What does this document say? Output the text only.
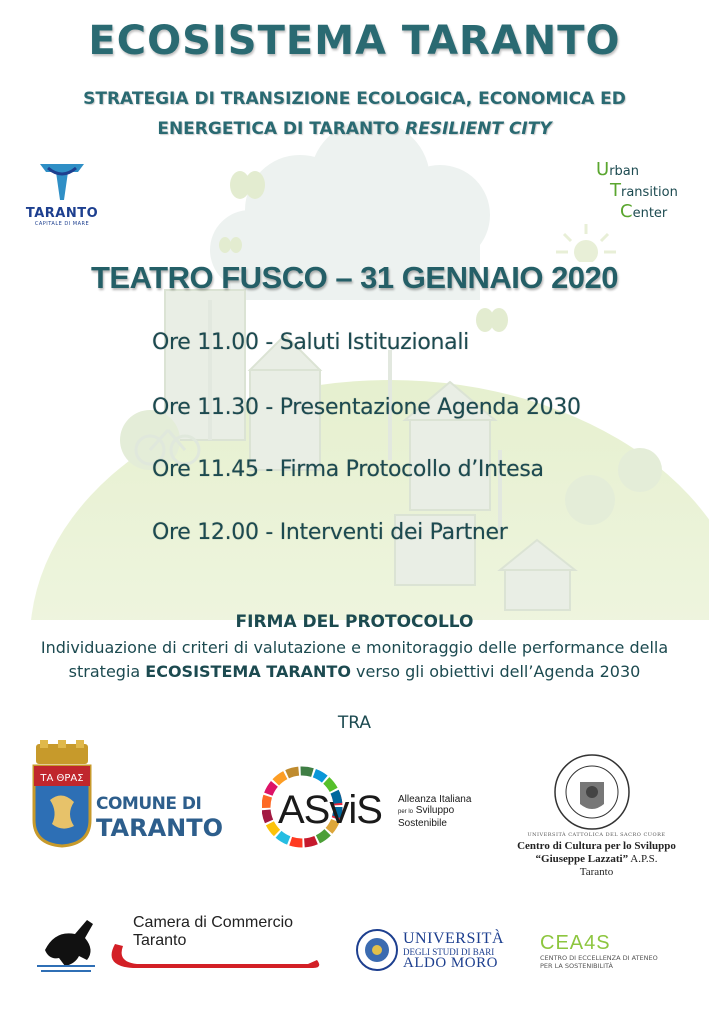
ECOSISTEMA TARANTO
STRATEGIA DI TRANSIZIONE ECOLOGICA, ECONOMICA ED
ENERGETICA DI TARANTO RESILIENT CITY
TARANTO
CAPITALE DI MARE
Urban
Transition
Center
TEATRO FUSCO – 31 GENNAIO 2020
Ore 11.00 - Saluti Istituzionali
Ore 11.30 - Presentazione Agenda 2030
Ore 11.45 - Firma Protocollo d’Intesa
Ore 12.00 - Interventi dei Partner
FIRMA DEL PROTOCOLLO
Individuazione di criteri di valutazione e monitoraggio delle performance della strategia ECOSISTEMA TARANTO verso gli obiettivi dell’Agenda 2030
TRA
ΤΑ ΘΡΑΣ
COMUNE DI
TARANTO ASviS Alleanza Italiana
per lo Sviluppo
Sostenibile
UNIVERSITÀ CATTOLICA DEL SACRO CUORE
Centro di Cultura per lo Sviluppo
“Giuseppe Lazzati” A.P.S.
Taranto
Camera di Commercio
Taranto	UNIVERSITÀ
DEGLI STUDI DI BARI
ALDO MORO
CEA4S
CENTRO DI ECCELLENZA DI ATENEO
PER LA SOSTENIBILITÀ
